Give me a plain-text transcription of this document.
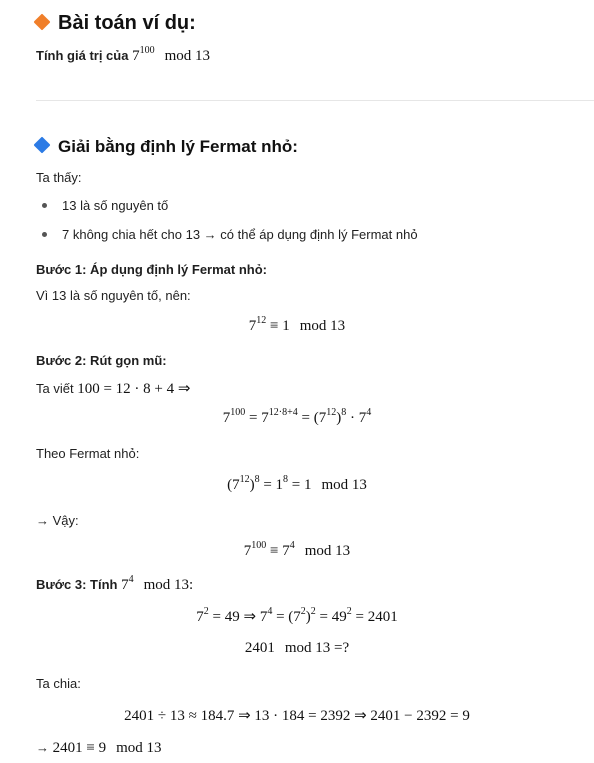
Bài toán ví dụ:
Tính giá trị của $7^{100}$ mod 13
Giải bằng định lý Fermat nhỏ:
Ta thấy:
13 là số nguyên tố
7 không chia hết cho 13 → có thể áp dụng định lý Fermat nhỏ
Bước 1: Áp dụng định lý Fermat nhỏ:
Vì 13 là số nguyên tố, nên:
$7^{12} \equiv 1$ mod 13
Bước 2: Rút gọn mũ:
Ta viết 100 = 12 · 8 + 4 ⇒
$7^{100} = 7^{12\cdot 8+4} = (7^{12})^8 \cdot 7^4$
Theo Fermat nhỏ:
$(7^{12})^8 = 1^8 = 1$ mod 13
→ Vậy:
$7^{100} \equiv 7^4$ mod 13
Bước 3: Tính $7^4$ mod 13:
$7^2 = 49$ ⇒ $7^4 = (7^2)^2 = 49^2 = 2401$
2401 mod 13 =?
Ta chia:
2401 ÷ 13 ≈ 184.7 ⇒ 13 · 184 = 2392 ⇒ 2401 − 2392 = 9
→ 2401 ≡ 9 mod 13
